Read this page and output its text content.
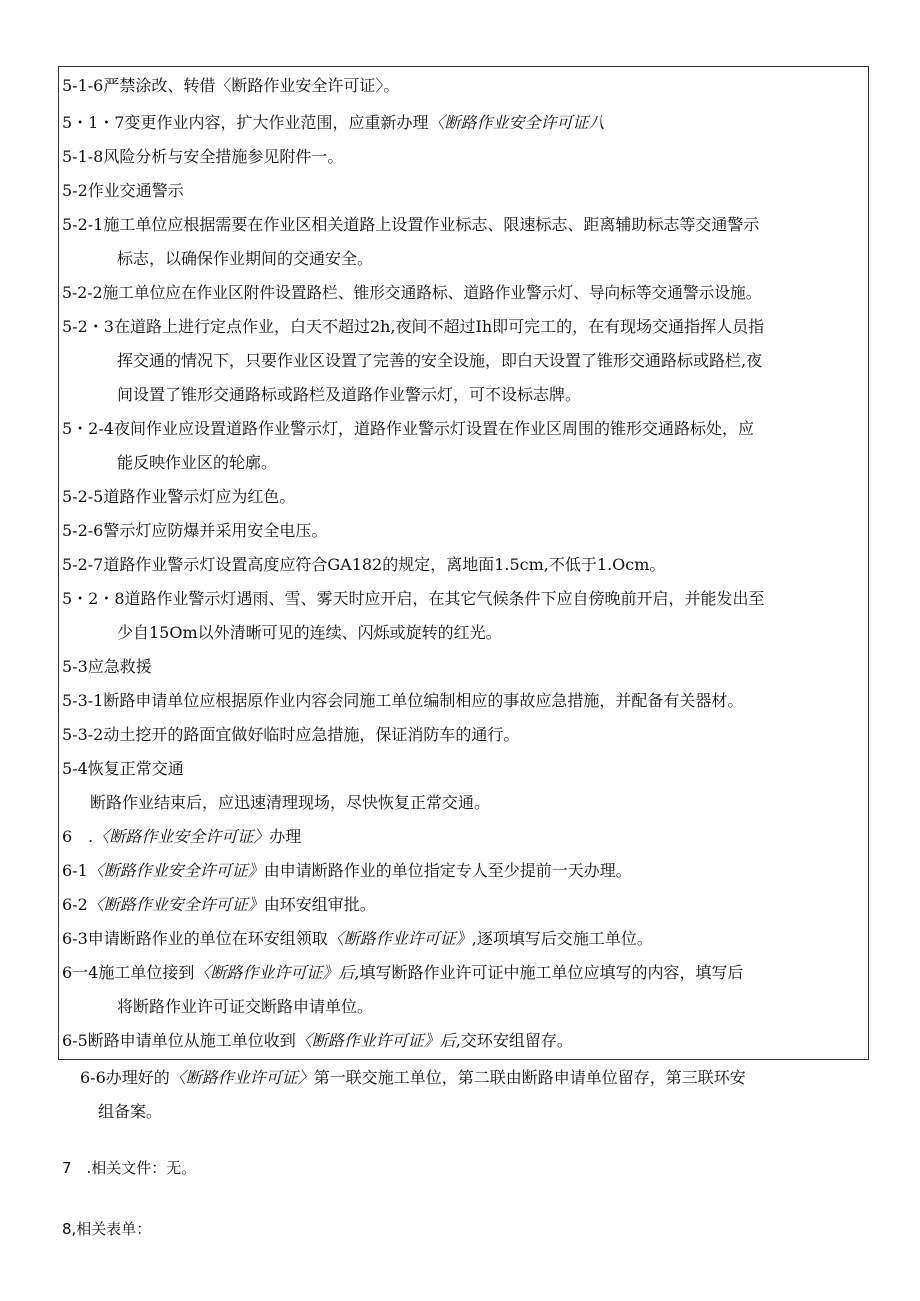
5-1-6严禁涂改、转借〈断路作业安全许可证〉。
5・1・7变更作业内容，扩大作业范围，应重新办理〈断路作业安全许可证八
5-1-8风险分析与安全措施参见附件一。
5-2作业交通警示
5-2-1施工单位应根据需要在作业区相关道路上设置作业标志、限速标志、距离辅助标志等交通警示
标志，以确保作业期间的交通安全。
5-2-2施工单位应在作业区附件设置路栏、锥形交通路标、道路作业警示灯、导向标等交通警示设施。
5-2・3在道路上进行定点作业，白天不超过2h,夜间不超过Ih即可完工的，在有现场交通指挥人员指
挥交通的情况下，只要作业区设置了完善的安全设施，即白天设置了锥形交通路标或路栏,夜
间设置了锥形交通路标或路栏及道路作业警示灯，可不设标志牌。
5・2-4夜间作业应设置道路作业警示灯，道路作业警示灯设置在作业区周围的锥形交通路标处，应
能反映作业区的轮廓。
5-2-5道路作业警示灯应为红色。
5-2-6警示灯应防爆并采用安全电压。
5-2-7道路作业警示灯设置高度应符合GA182的规定，离地面1.5cm,不低于1.Ocm。
5・2・8道路作业警示灯遇雨、雪、雾天时应开启，在其它气候条件下应自傍晚前开启，并能发出至
少自15Om以外清晰可见的连续、闪烁或旋转的红光。
5-3应急救援
5-3-1断路申请单位应根据原作业内容会同施工单位编制相应的事故应急措施，并配备有关器材。
5-3-2动土挖开的路面宜做好临时应急措施，保证消防车的通行。
5-4恢复正常交通
断路作业结束后，应迅速清理现场，尽快恢复正常交通。
6　.〈断路作业安全许可证〉办理
6-1〈断路作业安全许可证》由申请断路作业的单位指定专人至少提前一天办理。
6-2〈断路作业安全许可证》由环安组审批。
6-3申请断路作业的单位在环安组领取〈断路作业许可证》,逐项填写后交施工单位。
6一4施工单位接到〈断路作业许可证》后,填写断路作业许可证中施工单位应填写的内容，填写后
将断路作业许可证交断路申请单位。
6-5断路申请单位从施工单位收到〈断路作业许可证》后,交环安组留存。
6-6办理好的〈断路作业许可证〉第一联交施工单位，第二联由断路申请单位留存，第三联环安
组备案。
7　.相关文件：无。
8,相关表单：
